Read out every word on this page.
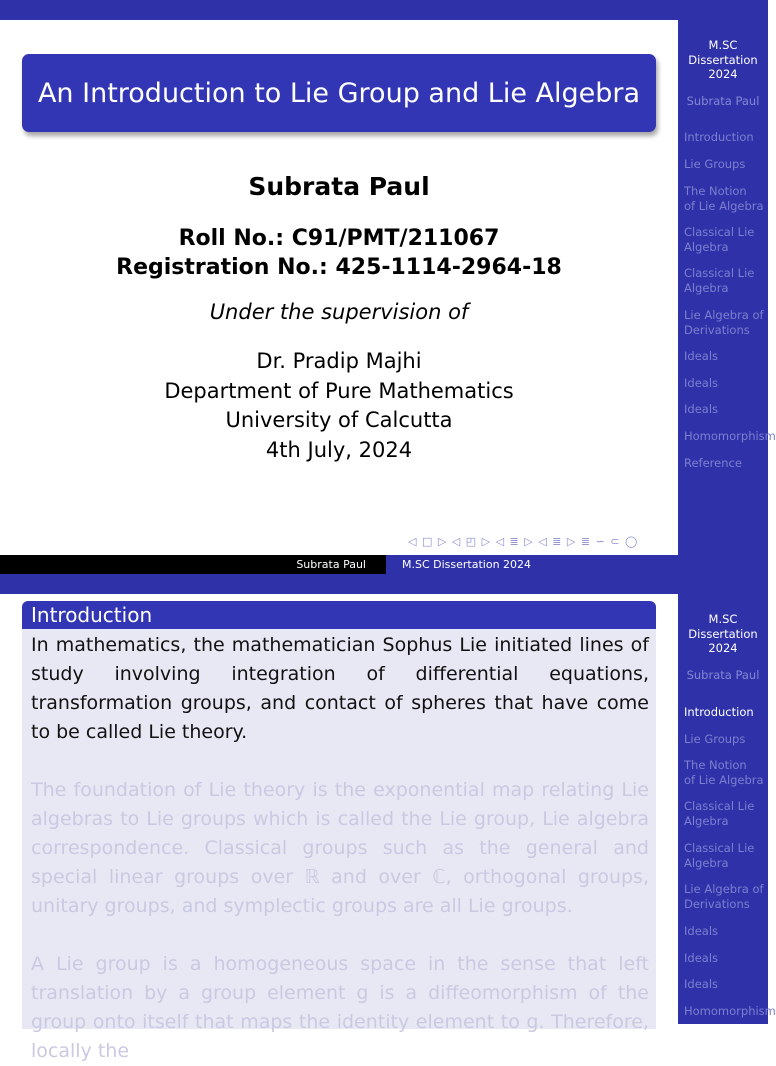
M.SC
Dissertation
2024
Subrata Paul
Introduction
Lie Groups
The Notion
of Lie Algebra
Classical Lie
Algebra
Classical Lie
Algebra
Lie Algebra of
Derivations
Ideals
Ideals
Ideals
Homomorphism
Reference
An Introduction to Lie Group and Lie Algebra
Subrata Paul
Roll No.: C91/PMT/211067
Registration No.: 425-1114-2964-18
Under the supervision of
Dr. Pradip Majhi
Department of Pure Mathematics
University of Calcutta
4th July, 2024
◁ □ ▷ ◁ ◰ ▷ ◁ ≣ ▷ ◁ ≣ ▷ ≣ ∽ ⊂ ◯
Subrata Paul	M.SC Dissertation 2024
M.SC
Dissertation
2024
Subrata Paul
Introduction
Lie Groups
The Notion
of Lie Algebra
Classical Lie
Algebra
Classical Lie
Algebra
Lie Algebra of
Derivations
Ideals
Ideals
Ideals
Homomorphism
Introduction
In mathematics, the mathematician Sophus Lie initiated lines of study involving integration of differential equations, transformation groups, and contact of spheres that have come to be called Lie theory.
The foundation of Lie theory is the exponential map relating Lie algebras to Lie groups which is called the Lie group, Lie algebra correspondence. Classical groups such as the general and special linear groups over ℝ and over ℂ, orthogonal groups, unitary groups, and symplectic groups are all Lie groups.
A Lie group is a homogeneous space in the sense that left translation by a group element g is a diffeomorphism of the group onto itself that maps the identity element to g. Therefore, locally the
